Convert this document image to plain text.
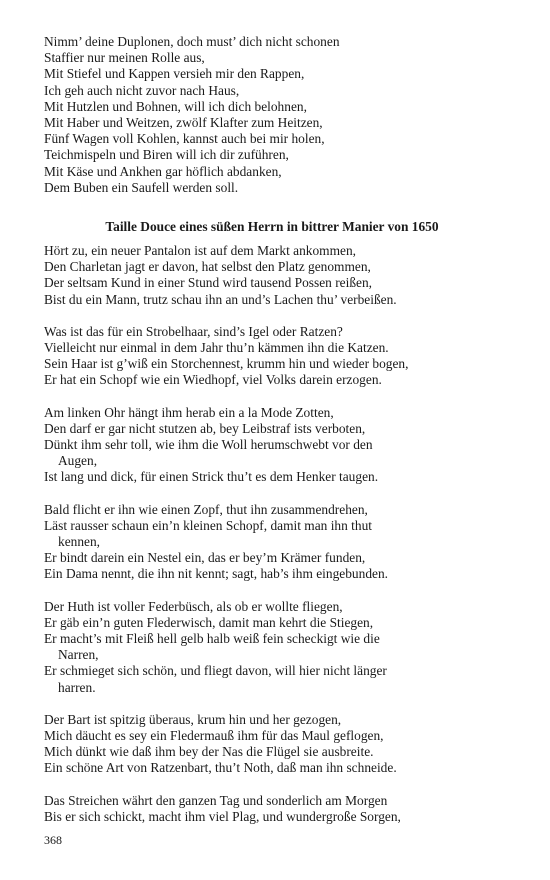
Nimm’ deine Duplonen, doch must’ dich nicht schonen
Staffier nur meinen Rolle aus,
Mit Stiefel und Kappen versieh mir den Rappen,
Ich geh auch nicht zuvor nach Haus,
Mit Hutzlen und Bohnen, will ich dich belohnen,
Mit Haber und Weitzen, zwölf Klafter zum Heitzen,
Fünf Wagen voll Kohlen, kannst auch bei mir holen,
Teichmispeln und Biren will ich dir zuführen,
Mit Käse und Ankhen gar höflich abdanken,
Dem Buben ein Saufell werden soll.
Taille Douce eines süßen Herrn in bittrer Manier von 1650
Hört zu, ein neuer Pantalon ist auf dem Markt ankommen,
Den Charletan jagt er davon, hat selbst den Platz genommen,
Der seltsam Kund in einer Stund wird tausend Possen reißen,
Bist du ein Mann, trutz schau ihn an und’s Lachen thu’ verbeißen.
Was ist das für ein Strobelhaar, sind’s Igel oder Ratzen?
Vielleicht nur einmal in dem Jahr thu’n kämmen ihn die Katzen.
Sein Haar ist g’wiß ein Storchennest, krumm hin und wieder bogen,
Er hat ein Schopf wie ein Wiedhopf, viel Volks darein erzogen.
Am linken Ohr hängt ihm herab ein a la Mode Zotten,
Den darf er gar nicht stutzen ab, bey Leibstraf ists verboten,
Dünkt ihm sehr toll, wie ihm die Woll herumschwebt vor den
Augen,
Ist lang und dick, für einen Strick thu’t es dem Henker taugen.
Bald flicht er ihn wie einen Zopf, thut ihn zusammendrehen,
Läst rausser schaun ein’n kleinen Schopf, damit man ihn thut
kennen,
Er bindt darein ein Nestel ein, das er bey’m Krämer funden,
Ein Dama nennt, die ihn nit kennt; sagt, hab’s ihm eingebunden.
Der Huth ist voller Federbüsch, als ob er wollte fliegen,
Er gäb ein’n guten Flederwisch, damit man kehrt die Stiegen,
Er macht’s mit Fleiß hell gelb halb weiß fein scheckigt wie die
Narren,
Er schmieget sich schön, und fliegt davon, will hier nicht länger
harren.
Der Bart ist spitzig überaus, krum hin und her gezogen,
Mich däucht es sey ein Fledermauß ihm für das Maul geflogen,
Mich dünkt wie daß ihm bey der Nas die Flügel sie ausbreite.
Ein schöne Art von Ratzenbart, thu’t Noth, daß man ihn schneide.
Das Streichen währt den ganzen Tag und sonderlich am Morgen
Bis er sich schickt, macht ihm viel Plag, und wundergroße Sorgen,
368
